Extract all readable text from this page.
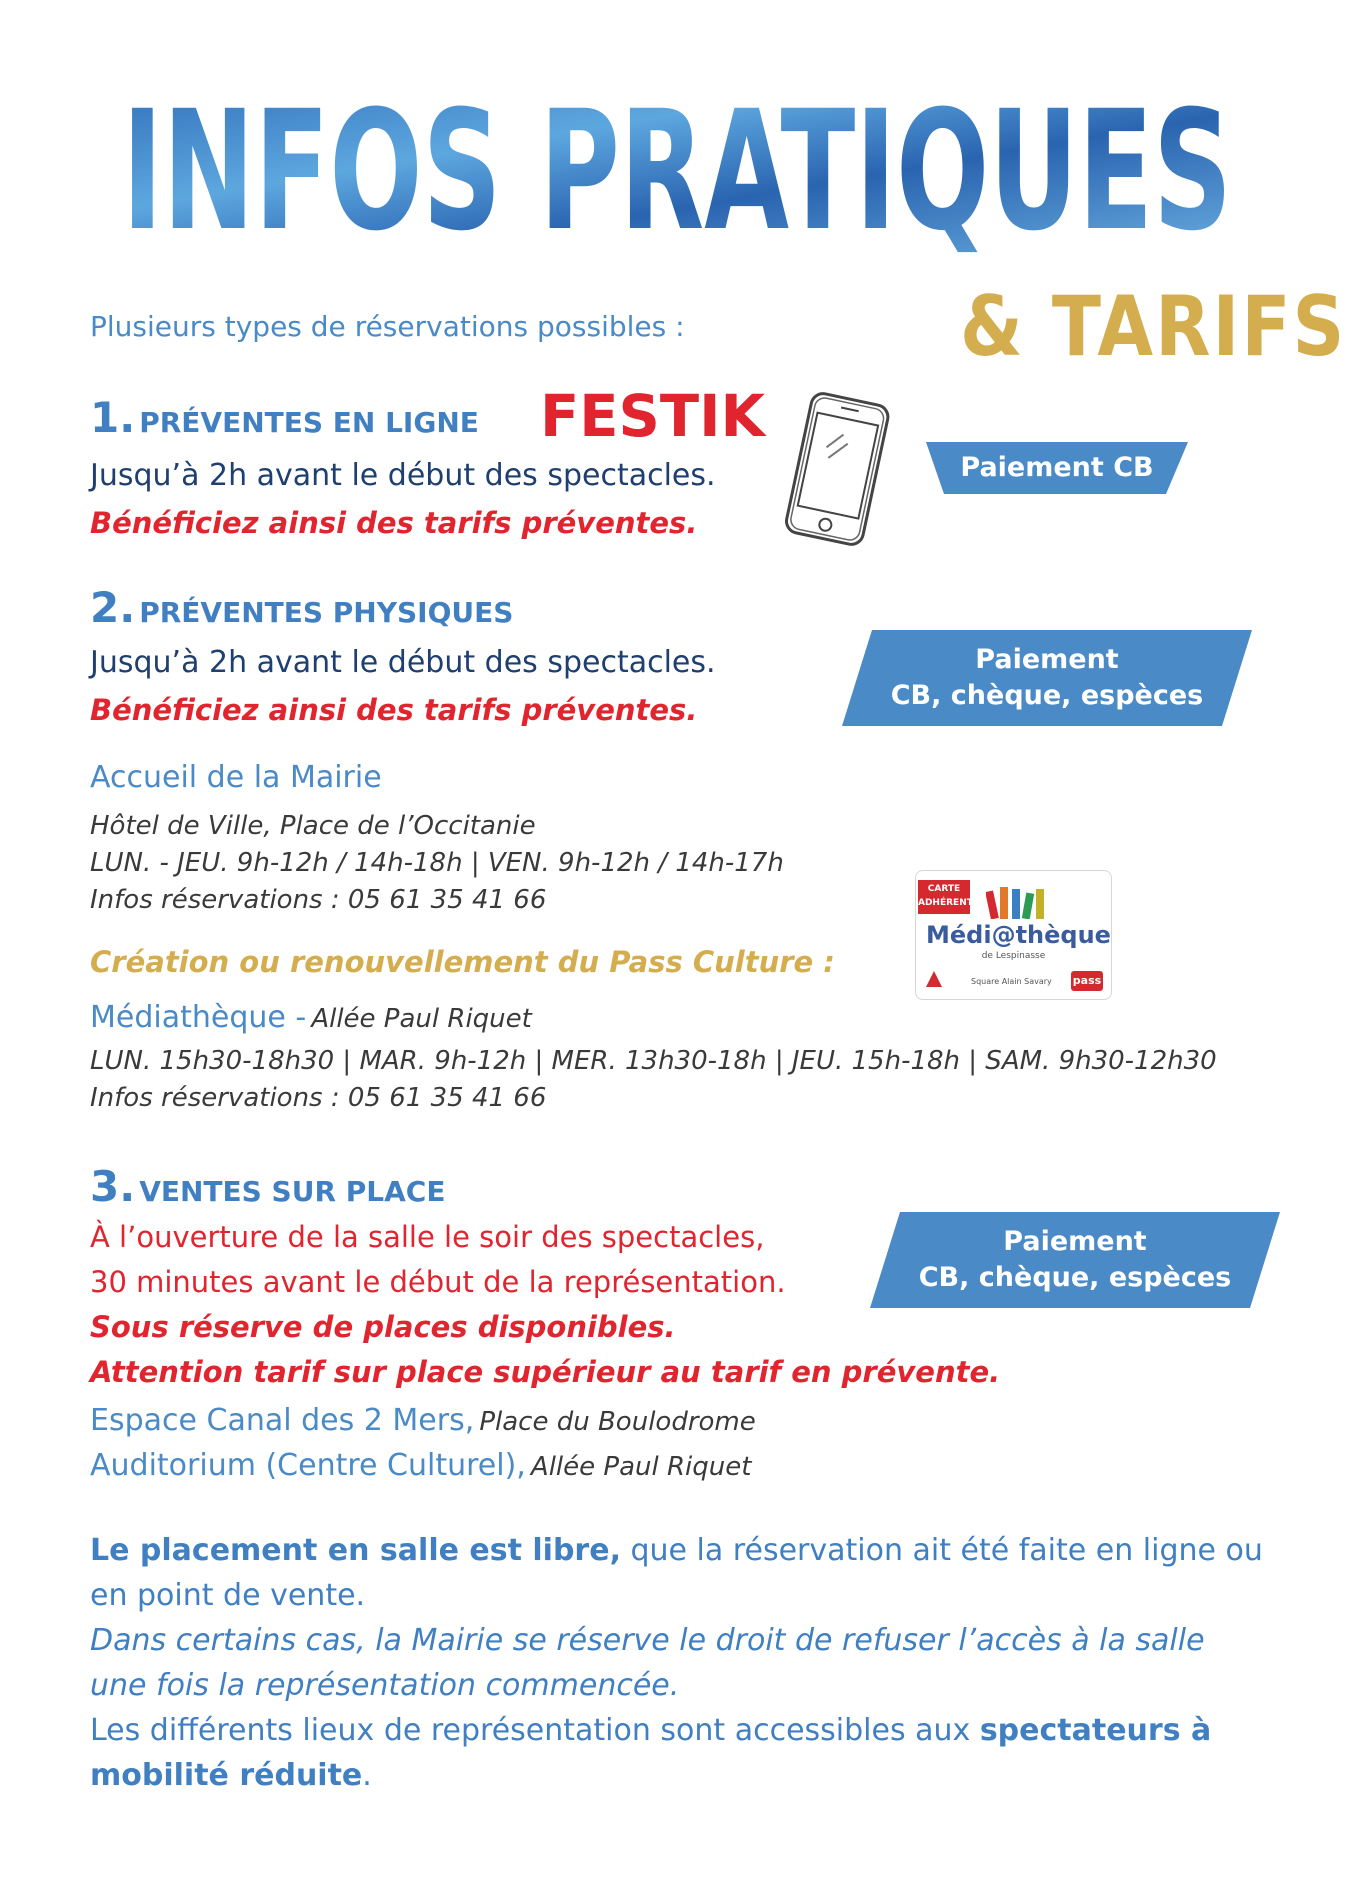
INFOS PRATIQUES
& TARIFS
Plusieurs types de réservations possibles :
1. PRÉVENTES EN LIGNE FESTIK
Jusqu’à 2h avant le début des spectacles.
Bénéficiez ainsi des tarifs préventes.
Paiement CB
2. PRÉVENTES PHYSIQUES
Jusqu’à 2h avant le début des spectacles.
Bénéficiez ainsi des tarifs préventes.
Paiement
CB, chèque, espèces
Accueil de la Mairie
Hôtel de Ville, Place de l’Occitanie
LUN. - JEU. 9h-12h / 14h-18h | VEN. 9h-12h / 14h-17h
Infos réservations : 05 61 35 41 66	CARTE ADHÉRENT
Médi@thèque
de Lespinasse
Square Alain Savary pass
Création ou renouvellement du Pass Culture :
Médiathèque - Allée Paul Riquet
LUN. 15h30-18h30 | MAR. 9h-12h | MER. 13h30-18h | JEU. 15h-18h | SAM. 9h30-12h30
Infos réservations : 05 61 35 41 66
3. VENTES SUR PLACE
À l’ouverture de la salle le soir des spectacles,
30 minutes avant le début de la représentation.
Sous réserve de places disponibles.
Attention tarif sur place supérieur au tarif en prévente.
Paiement
CB, chèque, espèces
Espace Canal des 2 Mers, Place du Boulodrome
Auditorium (Centre Culturel), Allée Paul Riquet
Le placement en salle est libre, que la réservation ait été faite en ligne ou en point de vente.
Dans certains cas, la Mairie se réserve le droit de refuser l’accès à la salle une fois la représentation commencée.
Les différents lieux de représentation sont accessibles aux spectateurs à mobilité réduite.
